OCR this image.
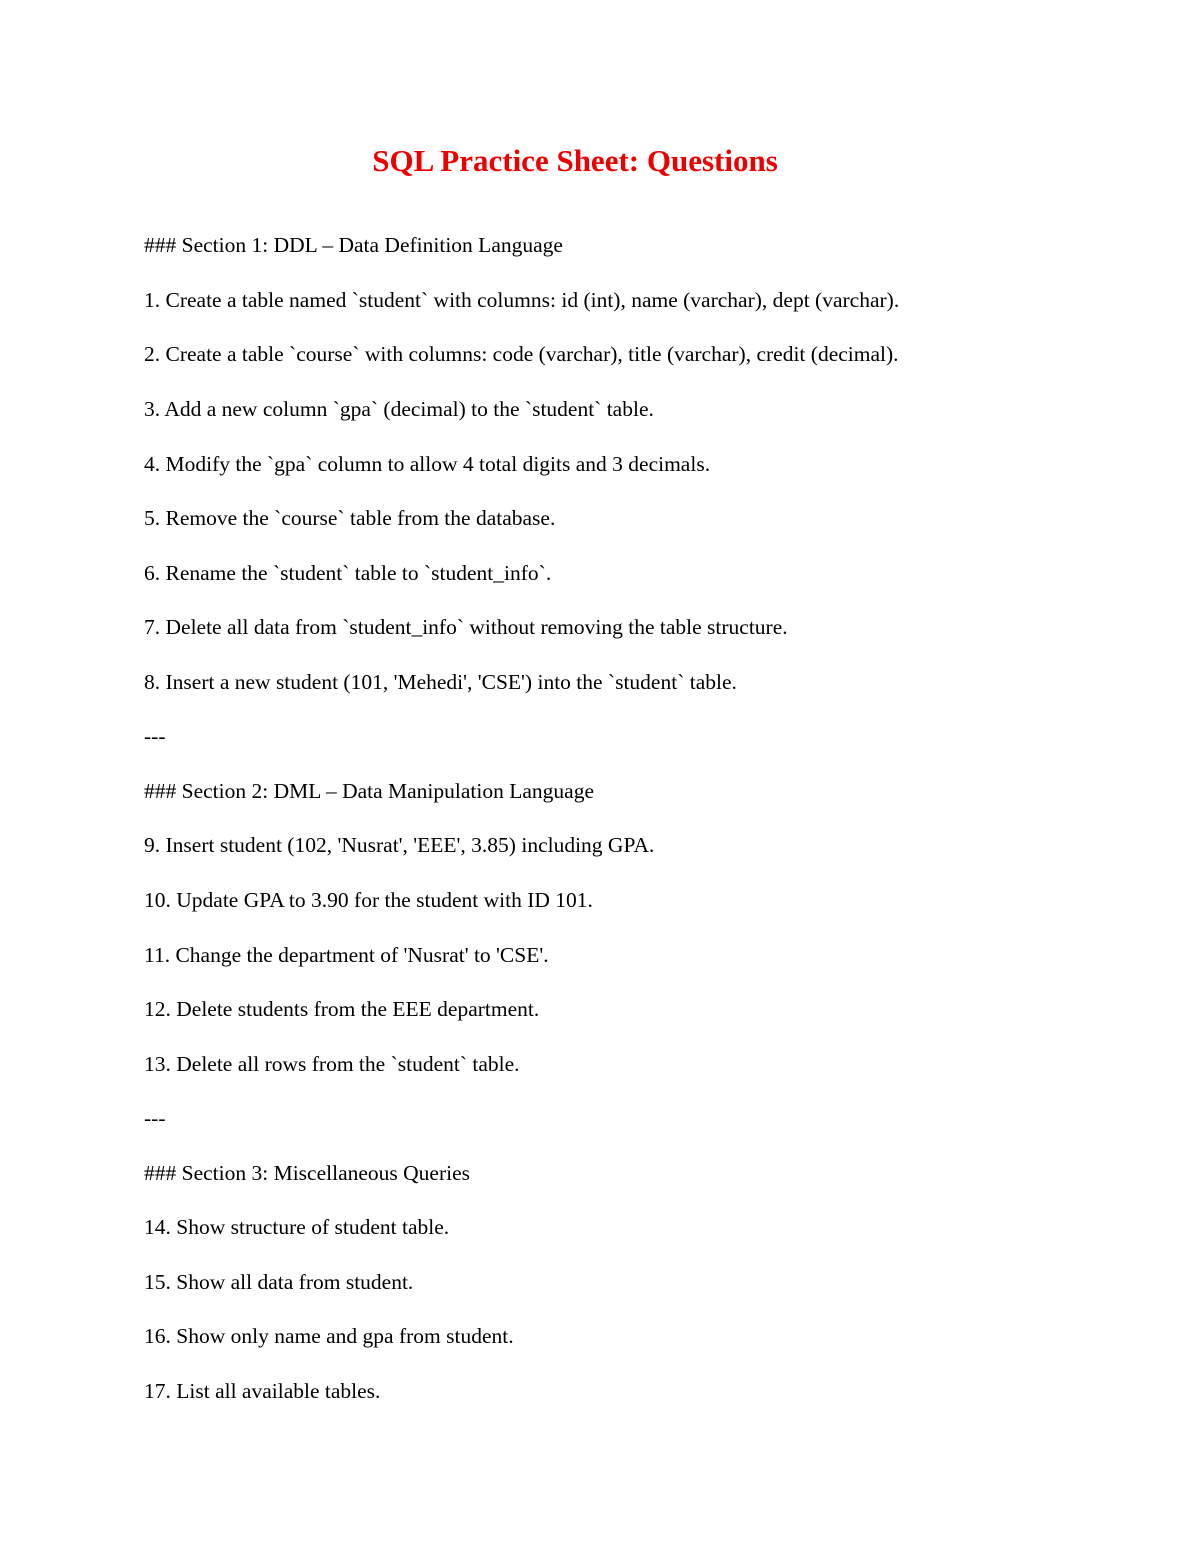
SQL Practice Sheet: Questions

### Section 1: DDL – Data Definition Language

1. Create a table named `student` with columns: id (int), name (varchar), dept (varchar).

2. Create a table `course` with columns: code (varchar), title (varchar), credit (decimal).

3. Add a new column `gpa` (decimal) to the `student` table.

4. Modify the `gpa` column to allow 4 total digits and 3 decimals.

5. Remove the `course` table from the database.

6. Rename the `student` table to `student_info`.

7. Delete all data from `student_info` without removing the table structure.

8. Insert a new student (101, 'Mehedi', 'CSE') into the `student` table.

---

### Section 2: DML – Data Manipulation Language

9. Insert student (102, 'Nusrat', 'EEE', 3.85) including GPA.

10. Update GPA to 3.90 for the student with ID 101.

11. Change the department of 'Nusrat' to 'CSE'.

12. Delete students from the EEE department.

13. Delete all rows from the `student` table.

---

### Section 3: Miscellaneous Queries

14. Show structure of student table.

15. Show all data from student.

16. Show only name and gpa from student.

17. List all available tables.
